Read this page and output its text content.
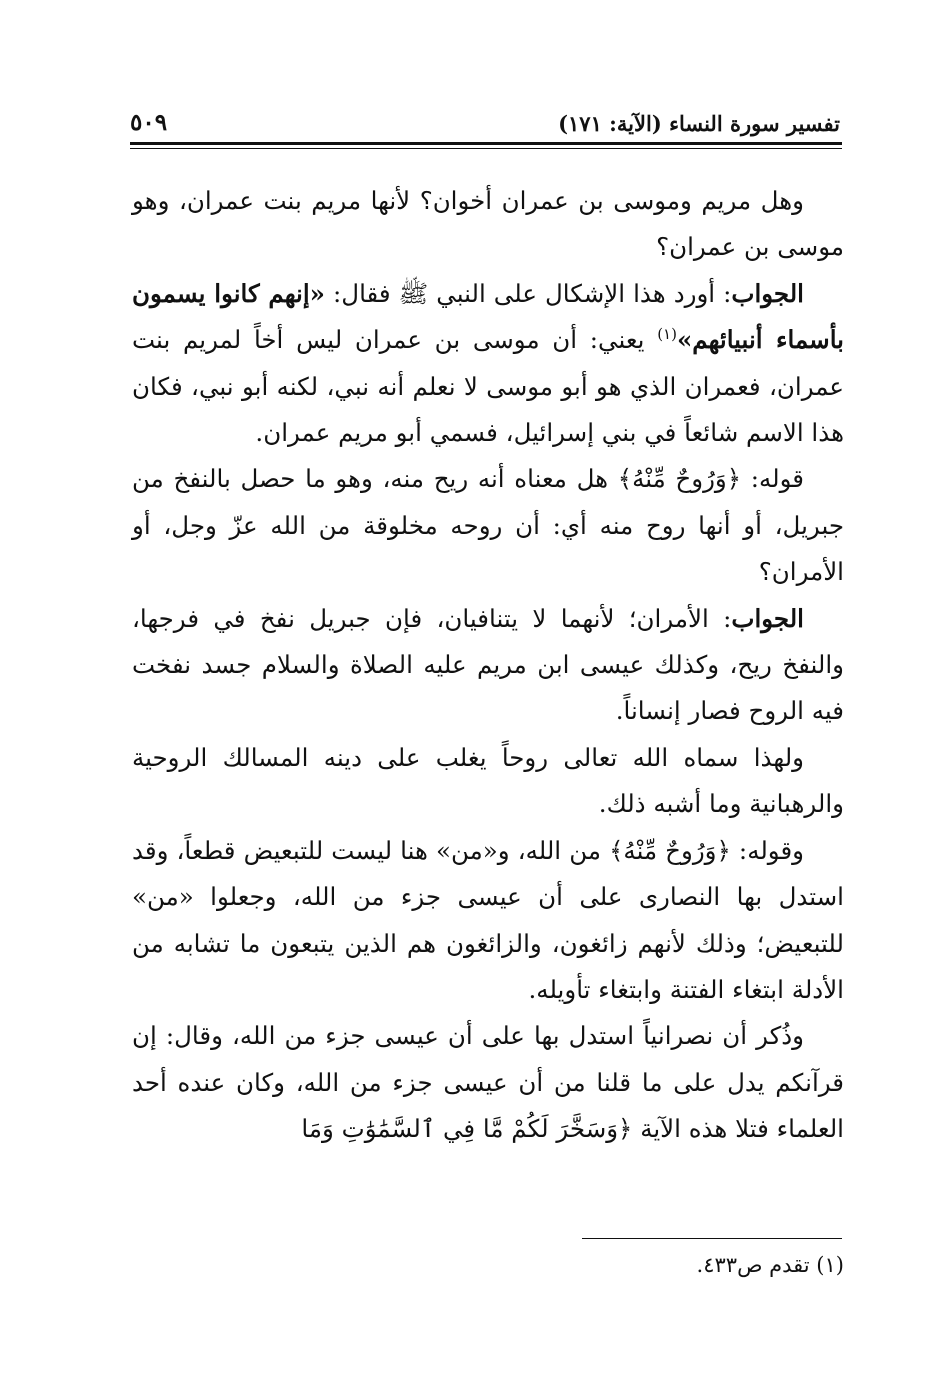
تفسير سورة النساء (الآية: ١٧١)
٥٠٩

وهل مريم وموسى بن عمران أخوان؟ لأنها مريم بنت عمران، وهو موسى بن عمران؟

الجواب: أورد هذا الإشكال على النبي ﷺ فقال: «إنهم كانوا يسمون بأسماء أنبيائهم»$^{(١)}$ يعني: أن موسى بن عمران ليس أخاً لمريم بنت عمران، فعمران الذي هو أبو موسى لا نعلم أنه نبي، لكنه أبو نبي، فكان هذا الاسم شائعاً في بني إسرائيل، فسمي أبو مريم عمران.

قوله: ﴿وَرُوحٌ مِّنْهُ﴾ هل معناه أنه ريح منه، وهو ما حصل بالنفخ من جبريل، أو أنها روح منه أي: أن روحه مخلوقة من الله عزّ وجل، أو الأمران؟

الجواب: الأمران؛ لأنهما لا يتنافيان، فإن جبريل نفخ في فرجها، والنفخ ريح، وكذلك عيسى ابن مريم عليه الصلاة والسلام جسد نفخت فيه الروح فصار إنساناً.

ولهذا سماه الله تعالى روحاً يغلب على دينه المسالك الروحية والرهبانية وما أشبه ذلك.

وقوله: ﴿وَرُوحٌ مِّنْهُ﴾ من الله، و«من» هنا ليست للتبعيض قطعاً، وقد استدل بها النصارى على أن عيسى جزء من الله، وجعلوا «من» للتبعيض؛ وذلك لأنهم زائغون، والزائغون هم الذين يتبعون ما تشابه من الأدلة ابتغاء الفتنة وابتغاء تأويله.

وذُكر أن نصرانياً استدل بها على أن عيسى جزء من الله، وقال: إن قرآنكم يدل على ما قلنا من أن عيسى جزء من الله، وكان عنده أحد العلماء فتلا هذه الآية ﴿وَسَخَّرَ لَكُمْ مَّا فِي ٱلسَّمَٰوَٰتِ وَمَا

(١) تقدم ص٤٣٣.
